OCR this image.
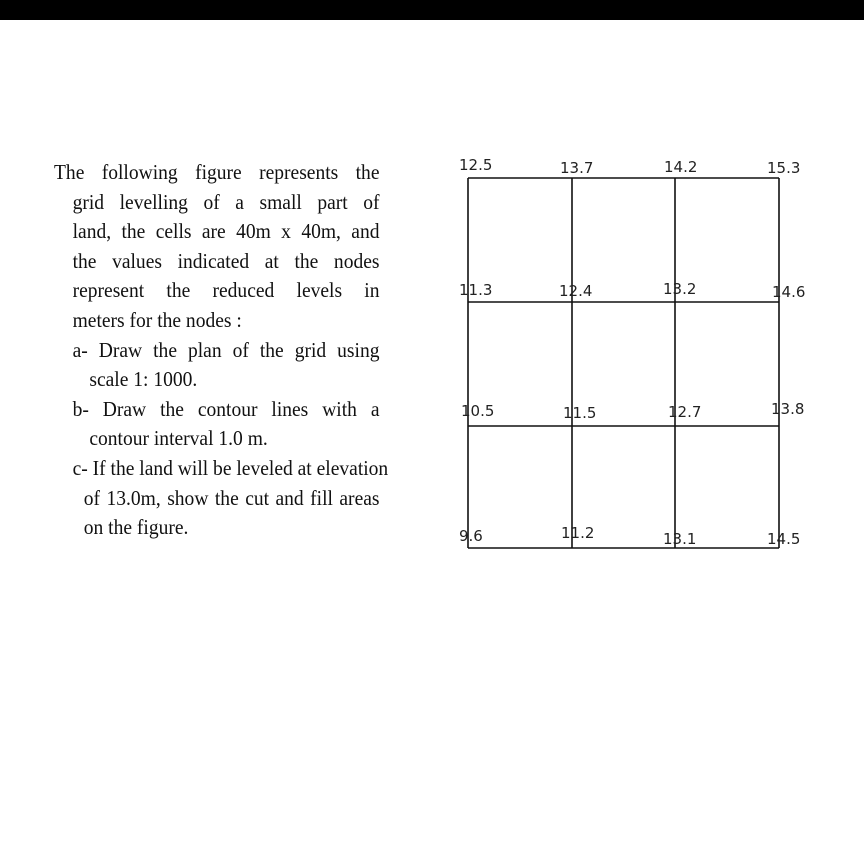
The following figure represents the
grid levelling of a small part of
land, the cells are 40m x 40m, and
the values indicated at the nodes
represent the reduced levels in
meters for the nodes :
a- Draw the plan of the grid using
scale 1: 1000.
b- Draw the contour lines with a
contour interval 1.0 m.
c- If the land will be leveled at elevation
of 13.0m, show the cut and fill areas
on the figure.
12.5	13.7	14.2	15.3
11.3	12.4	13.2	14.6
10.5	11.5	12.7	13.8
9.6	11.2	13.1	14.5
